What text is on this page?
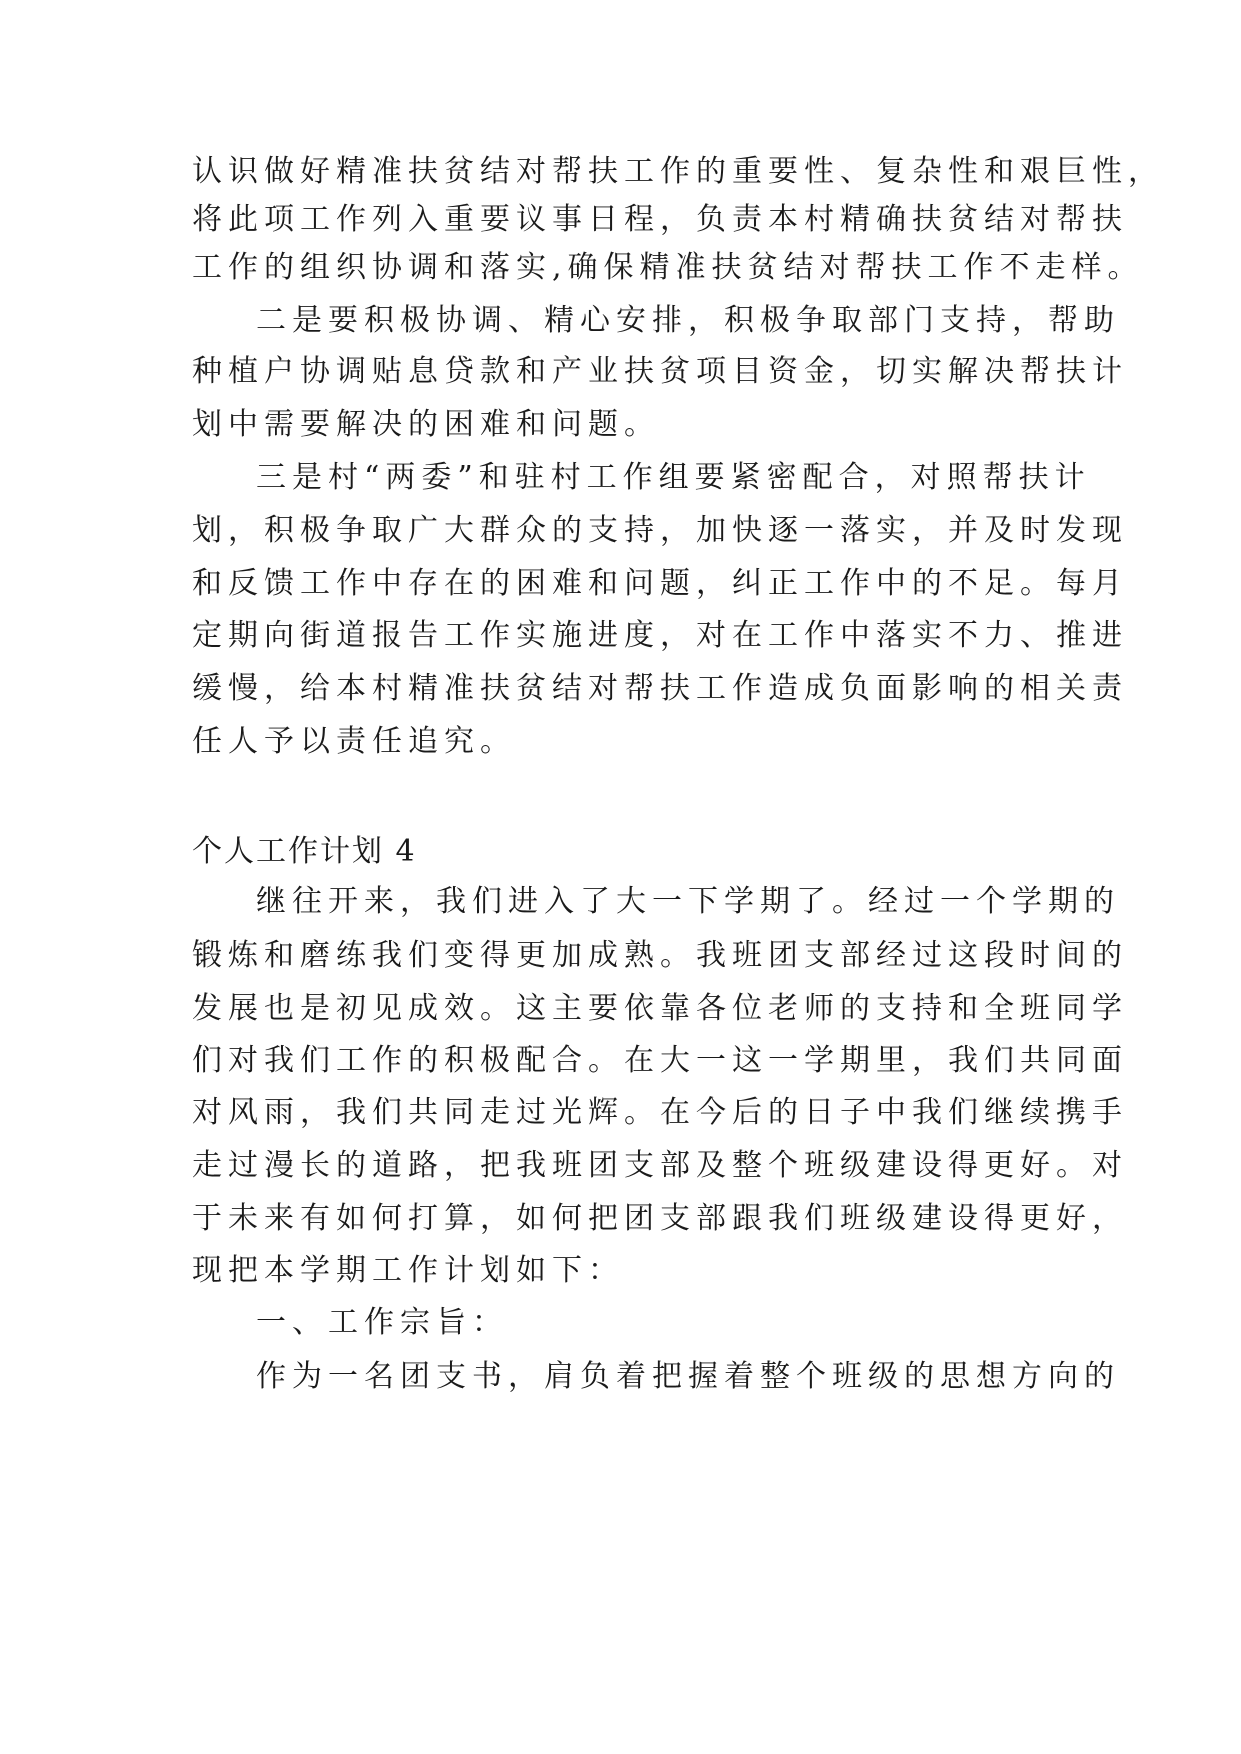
认识做好精准扶贫结对帮扶工作的重要性、复杂性和艰巨性，
将此项工作列入重要议事日程，负责本村精确扶贫结对帮扶
工作的组织协调和落实,确保精准扶贫结对帮扶工作不走样。
二是要积极协调、精心安排，积极争取部门支持，帮助
种植户协调贴息贷款和产业扶贫项目资金，切实解决帮扶计
划中需要解决的困难和问题。
三是村“两委”和驻村工作组要紧密配合，对照帮扶计
划，积极争取广大群众的支持，加快逐一落实，并及时发现
和反馈工作中存在的困难和问题，纠正工作中的不足。每月
定期向街道报告工作实施进度，对在工作中落实不力、推进
缓慢，给本村精准扶贫结对帮扶工作造成负面影响的相关责
任人予以责任追究。
个人工作计划 4
继往开来，我们进入了大一下学期了。经过一个学期的
锻炼和磨练我们变得更加成熟。我班团支部经过这段时间的
发展也是初见成效。这主要依靠各位老师的支持和全班同学
们对我们工作的积极配合。在大一这一学期里，我们共同面
对风雨，我们共同走过光辉。在今后的日子中我们继续携手
走过漫长的道路，把我班团支部及整个班级建设得更好。对
于未来有如何打算，如何把团支部跟我们班级建设得更好，
现把本学期工作计划如下：
一、工作宗旨：
作为一名团支书，肩负着把握着整个班级的思想方向的
